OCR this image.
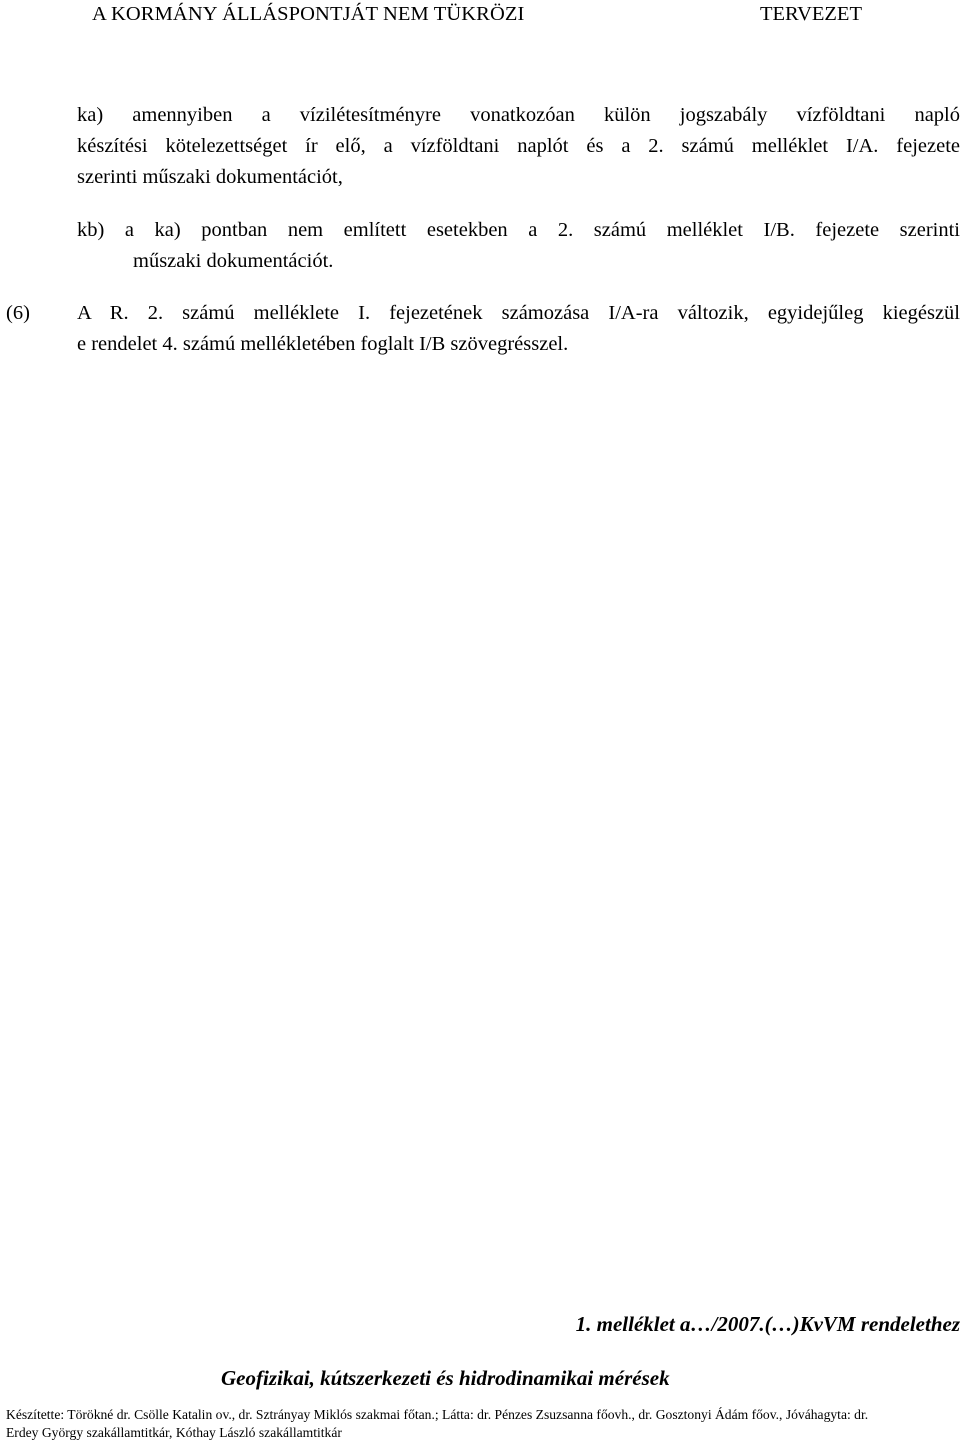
A KORMÁNY ÁLLÁSPONTJÁT NEM TÜKRÖZI	TERVEZET
ka) amennyiben a vízilétesítményre vonatkozóan külön jogszabály vízföldtani napló
készítési kötelezettséget ír elő, a vízföldtani naplót és a 2. számú melléklet I/A. fejezete
szerinti műszaki dokumentációt,
kb) a ka) pontban nem említett esetekben a 2. számú melléklet I/B. fejezete szerinti
műszaki dokumentációt.
(6) A R. 2. számú melléklete I. fejezetének számozása I/A-ra változik, egyidejűleg kiegészül
e rendelet 4. számú mellékletében foglalt I/B szövegrésszel.
1. melléklet a…/2007.(…)KvVM rendelethez
Geofizikai, kútszerkezeti és hidrodinamikai mérések
Készítette: Törökné dr. Csölle Katalin ov., dr. Sztrányay Miklós szakmai főtan.; Látta: dr. Pénzes Zsuzsanna főovh., dr. Gosztonyi Ádám főov., Jóváhagyta: dr.
Erdey György szakállamtitkár, Kóthay László szakállamtitkár
